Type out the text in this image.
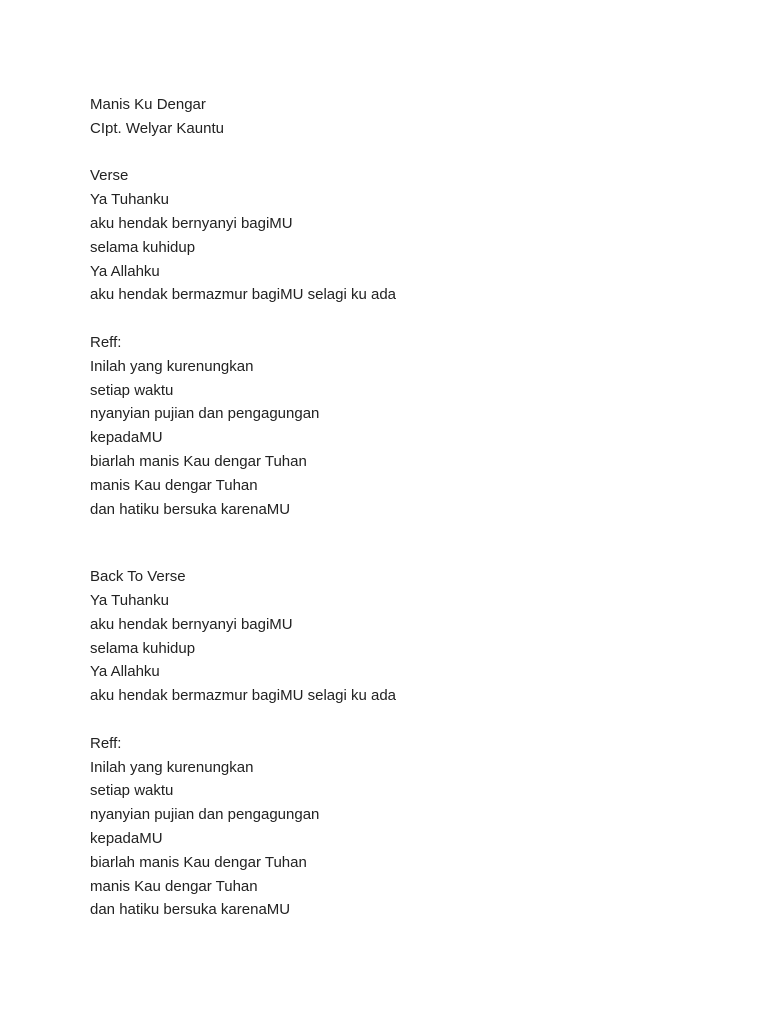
Manis Ku Dengar
CIpt. Welyar Kauntu
Verse
Ya Tuhanku
aku hendak bernyanyi bagiMU
selama kuhidup
Ya Allahku
aku hendak bermazmur bagiMU selagi ku ada
Reff:
Inilah yang kurenungkan
setiap waktu
nyanyian pujian dan pengagungan
kepadaMU
biarlah manis Kau dengar Tuhan
manis Kau dengar Tuhan
dan hatiku bersuka karenaMU
Back To Verse
Ya Tuhanku
aku hendak bernyanyi bagiMU
selama kuhidup
Ya Allahku
aku hendak bermazmur bagiMU selagi ku ada
Reff:
Inilah yang kurenungkan
setiap waktu
nyanyian pujian dan pengagungan
kepadaMU
biarlah manis Kau dengar Tuhan
manis Kau dengar Tuhan
dan hatiku bersuka karenaMU
